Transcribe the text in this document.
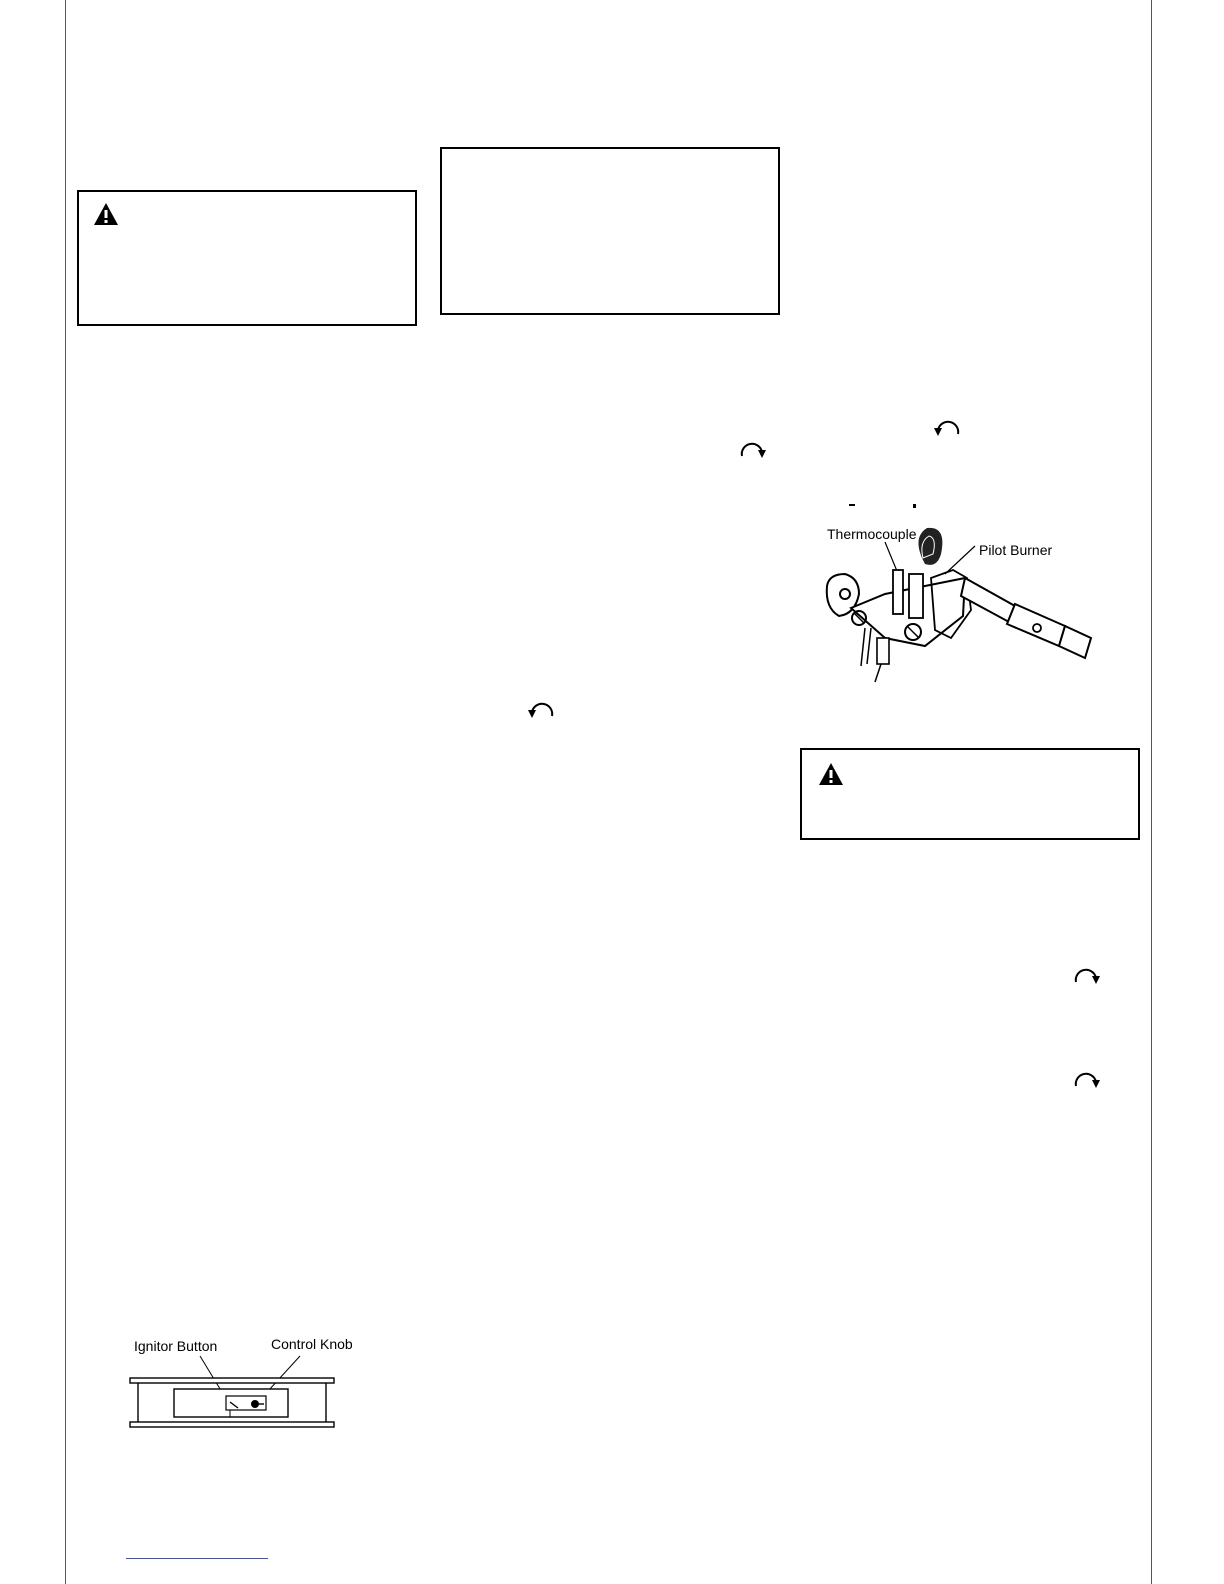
Thermocouple
Pilot Burner
Ignitor Button	Control Knob
